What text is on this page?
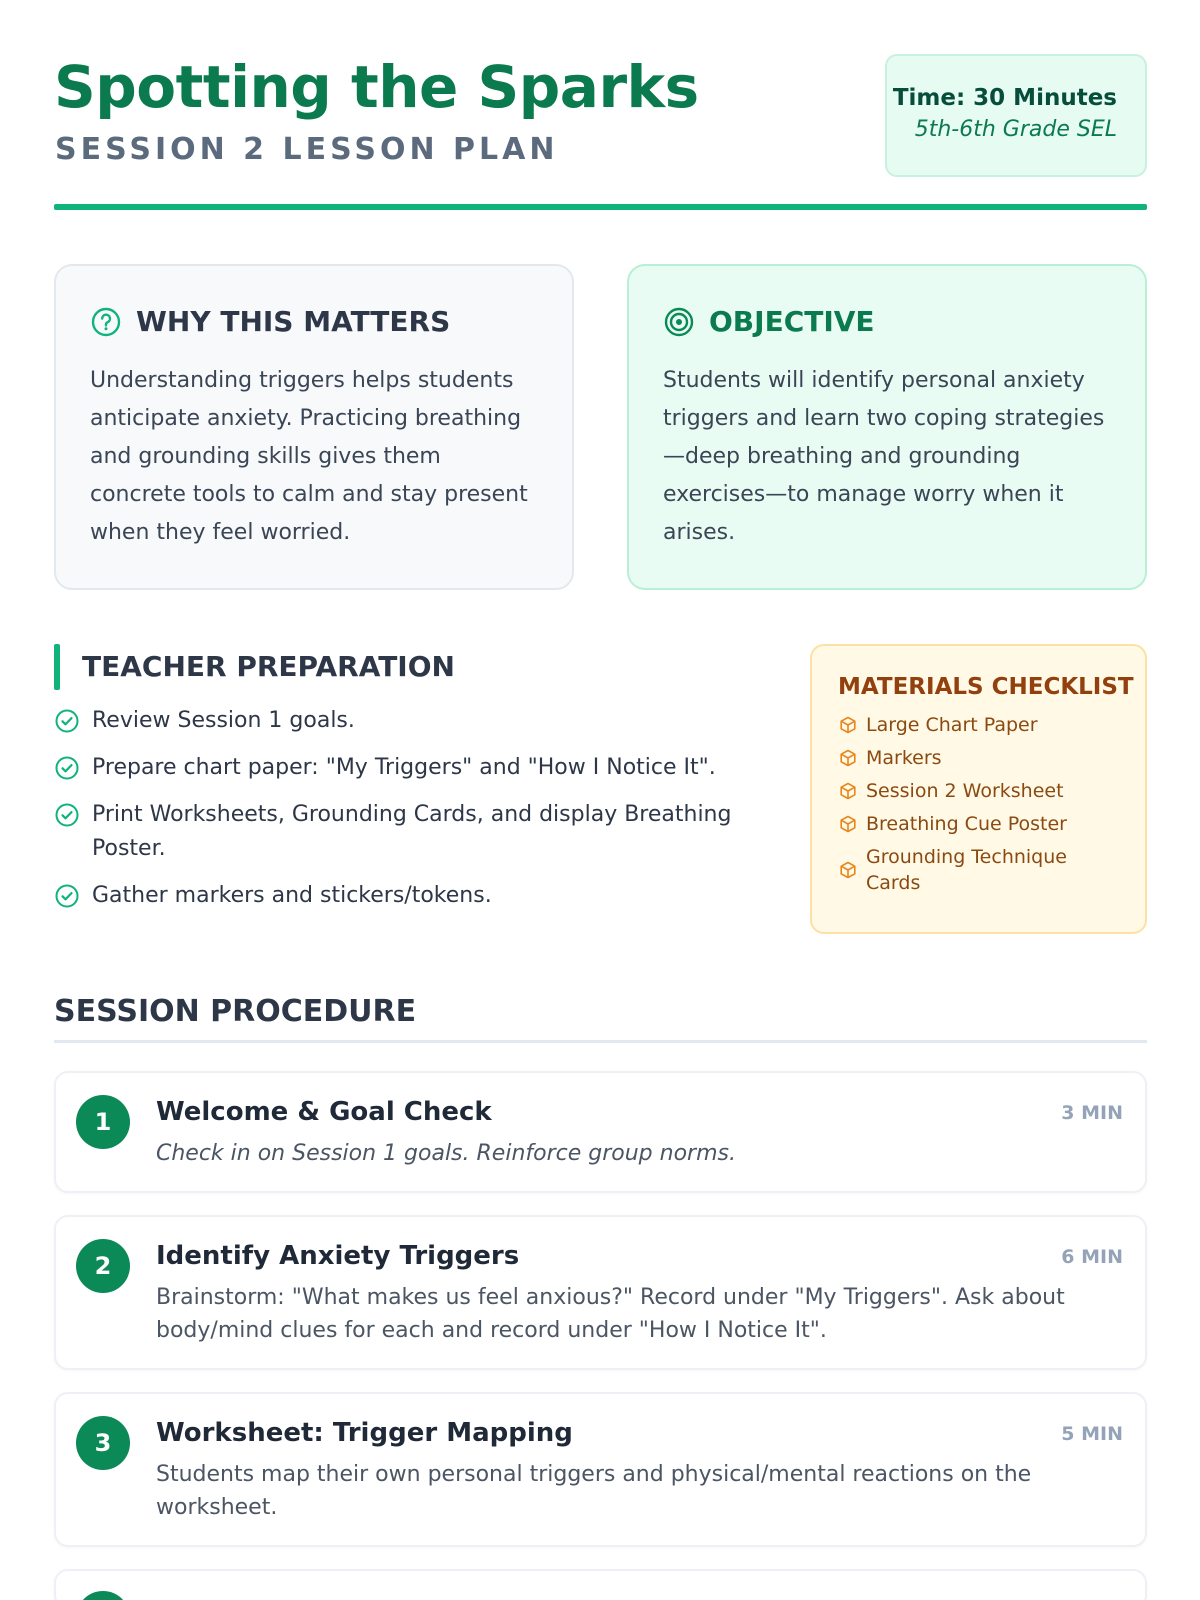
Spotting the Sparks
SESSION 2 LESSON PLAN
Time: 30 Minutes
5th-6th Grade SEL
WHY THIS MATTERS
Understanding triggers helps students anticipate anxiety. Practicing breathing and grounding skills gives them concrete tools to calm and stay present when they feel worried.
OBJECTIVE
Students will identify personal anxiety triggers and learn two coping strategies—deep breathing and grounding exercises—to manage worry when it arises.
TEACHER PREPARATION
Review Session 1 goals.
Prepare chart paper: "My Triggers" and "How I Notice It".
Print Worksheets, Grounding Cards, and display Breathing Poster.
Gather markers and stickers/tokens.
MATERIALS CHECKLIST
Large Chart Paper
Markers
Session 2 Worksheet
Breathing Cue Poster
Grounding Technique Cards
SESSION PROCEDURE
1	Welcome & Goal Check	3 MIN
Check in on Session 1 goals. Reinforce group norms.
2	Identify Anxiety Triggers	6 MIN
Brainstorm: "What makes us feel anxious?" Record under "My Triggers". Ask about body/mind clues for each and record under "How I Notice It".
3	Worksheet: Trigger Mapping	5 MIN
Students map their own personal triggers and physical/mental reactions on the worksheet.
